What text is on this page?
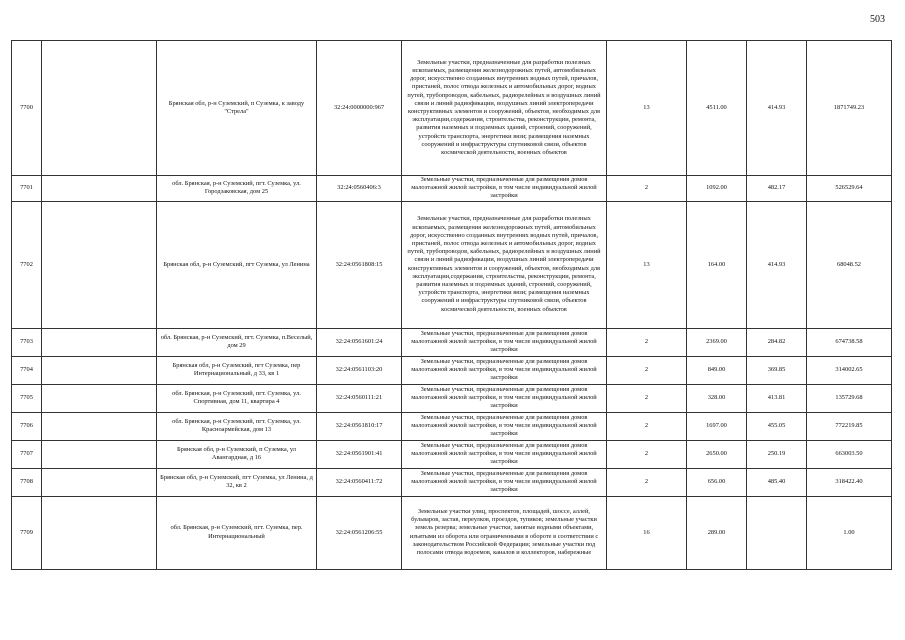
503
7700		Брянская обл, р-н Суземский, п Суземка, к заводу "Стрела"	32:24:0000000:967	Земельные участки, предназначенные для разработки полезных ископаемых, размещения железнодорожных путей, автомобильных дорог, искусственно созданных внутренних водных путей, причалов, пристаней, полос отвода железных и автомобильных дорог, водных путей, трубопроводов, кабельных, радиорелейных и воздушных линий связи и линий радиофикации, воздушных линий электропередачи конструктивных элементов и сооружений, объектов, необходимых для эксплуатации,содержания, строительства, реконструкции, ремонта, развития наземных и подземных зданий, строений, сооружений, устройств транспорта, энергетики вязи; размещения наземных сооружений и инфраструктуры спутниковой связи, объектов космической деятельности, военных объектов	13	4511.00	414.93	1871749.23
7701		обл. Брянская, р-н Суземский, пгт. Суземка, ул. Городзаковская, дом 25	32:24:0560406:3	Земельные участки, предназначенные для размещения домов малоэтажной жилой застройки, в том числе индивидуальной жилой застройки	2	1092.00	482.17	526529.64
7702		Брянская обл, р-н Суземский, пгт Суземка, ул Ленина	32:24:0561808:15	Земельные участки, предназначенные для разработки полезных ископаемых, размещения железнодорожных путей, автомобильных дорог, искусственно созданных внутренних водных путей, причалов, пристаней, полос отвода железных и автомобильных дорог, водных путей, трубопроводов, кабельных, радиорелейных и воздушных линий связи и линий радиофикации, воздушных линий электропередачи конструктивных элементов и сооружений, объектов, необходимых для эксплуатации,содержания, строительства, реконструкции, ремонта, развития наземных и подземных зданий, строений, сооружений, устройств транспорта, энергетики вязи; размещения наземных сооружений и инфраструктуры спутниковой связи, объектов космической деятельности, военных объектов	13	164.00	414.93	68048.52
7703		обл. Брянская, р-н Суземский, пгт. Суземка, п.Веселый, дом 29	32:24:0561601:24	Земельные участки, предназначенные для размещения домов малоэтажной жилой застройки, в том числе индивидуальной жилой застройки	2	2369.00	284.82	674738.58
7704		Брянская обл, р-н Суземский, пгт Суземка, пер Интернациональный, д 33, кв 1	32:24:0561103:20	Земельные участки, предназначенные для размещения домов малоэтажной жилой застройки, в том числе индивидуальной жилой застройки	2	849.00	369.85	314002.65
7705		обл. Брянская, р-н Суземский, пгт. Суземка, ул. Спортивная, дом 11, квартира 4	32:24:0560111:21	Земельные участки, предназначенные для размещения домов малоэтажной жилой застройки, в том числе индивидуальной жилой застройки	2	328.00	413.81	135729.68
7706		обл. Брянская, р-н Суземский, пгт. Суземка, ул. Красноармейская, дом 13	32:24:0561810:17	Земельные участки, предназначенные для размещения домов малоэтажной жилой застройки, в том числе индивидуальной жилой застройки	2	1697.00	455.05	772219.85
7707		Брянская обл, р-н Суземский, п Суземка, ул Авангардная, д 16	32:24:0561901:41	Земельные участки, предназначенные для размещения домов малоэтажной жилой застройки, в том числе индивидуальной жилой застройки	2	2650.00	250.19	663003.50
7708		Брянская обл, р-н Суземский, пгт Суземка, ул Ленина, д 32, кв 2	32:24:0560411:72	Земельные участки, предназначенные для размещения домов малоэтажной жилой застройки, в том числе индивидуальной жилой застройки	2	656.00	485.40	318422.40
7709		обл. Брянская, р-н Суземский, пгт. Суземка, пер. Интернациональный	32:24:0561206:55	Земельные участки улиц, проспектов, площадей, шоссе, аллей, бульваров, застав, переулков, проездов, тупиков; земельные участки земель резерва; земельные участки, занятые водными объектами, изъятыми из оборота или ограниченными в обороте в соответствии с законодательством Российской Федерации; земельные участки под полосами отвода водоемов, каналов и коллекторов, набережные	16	289.00		1.00
